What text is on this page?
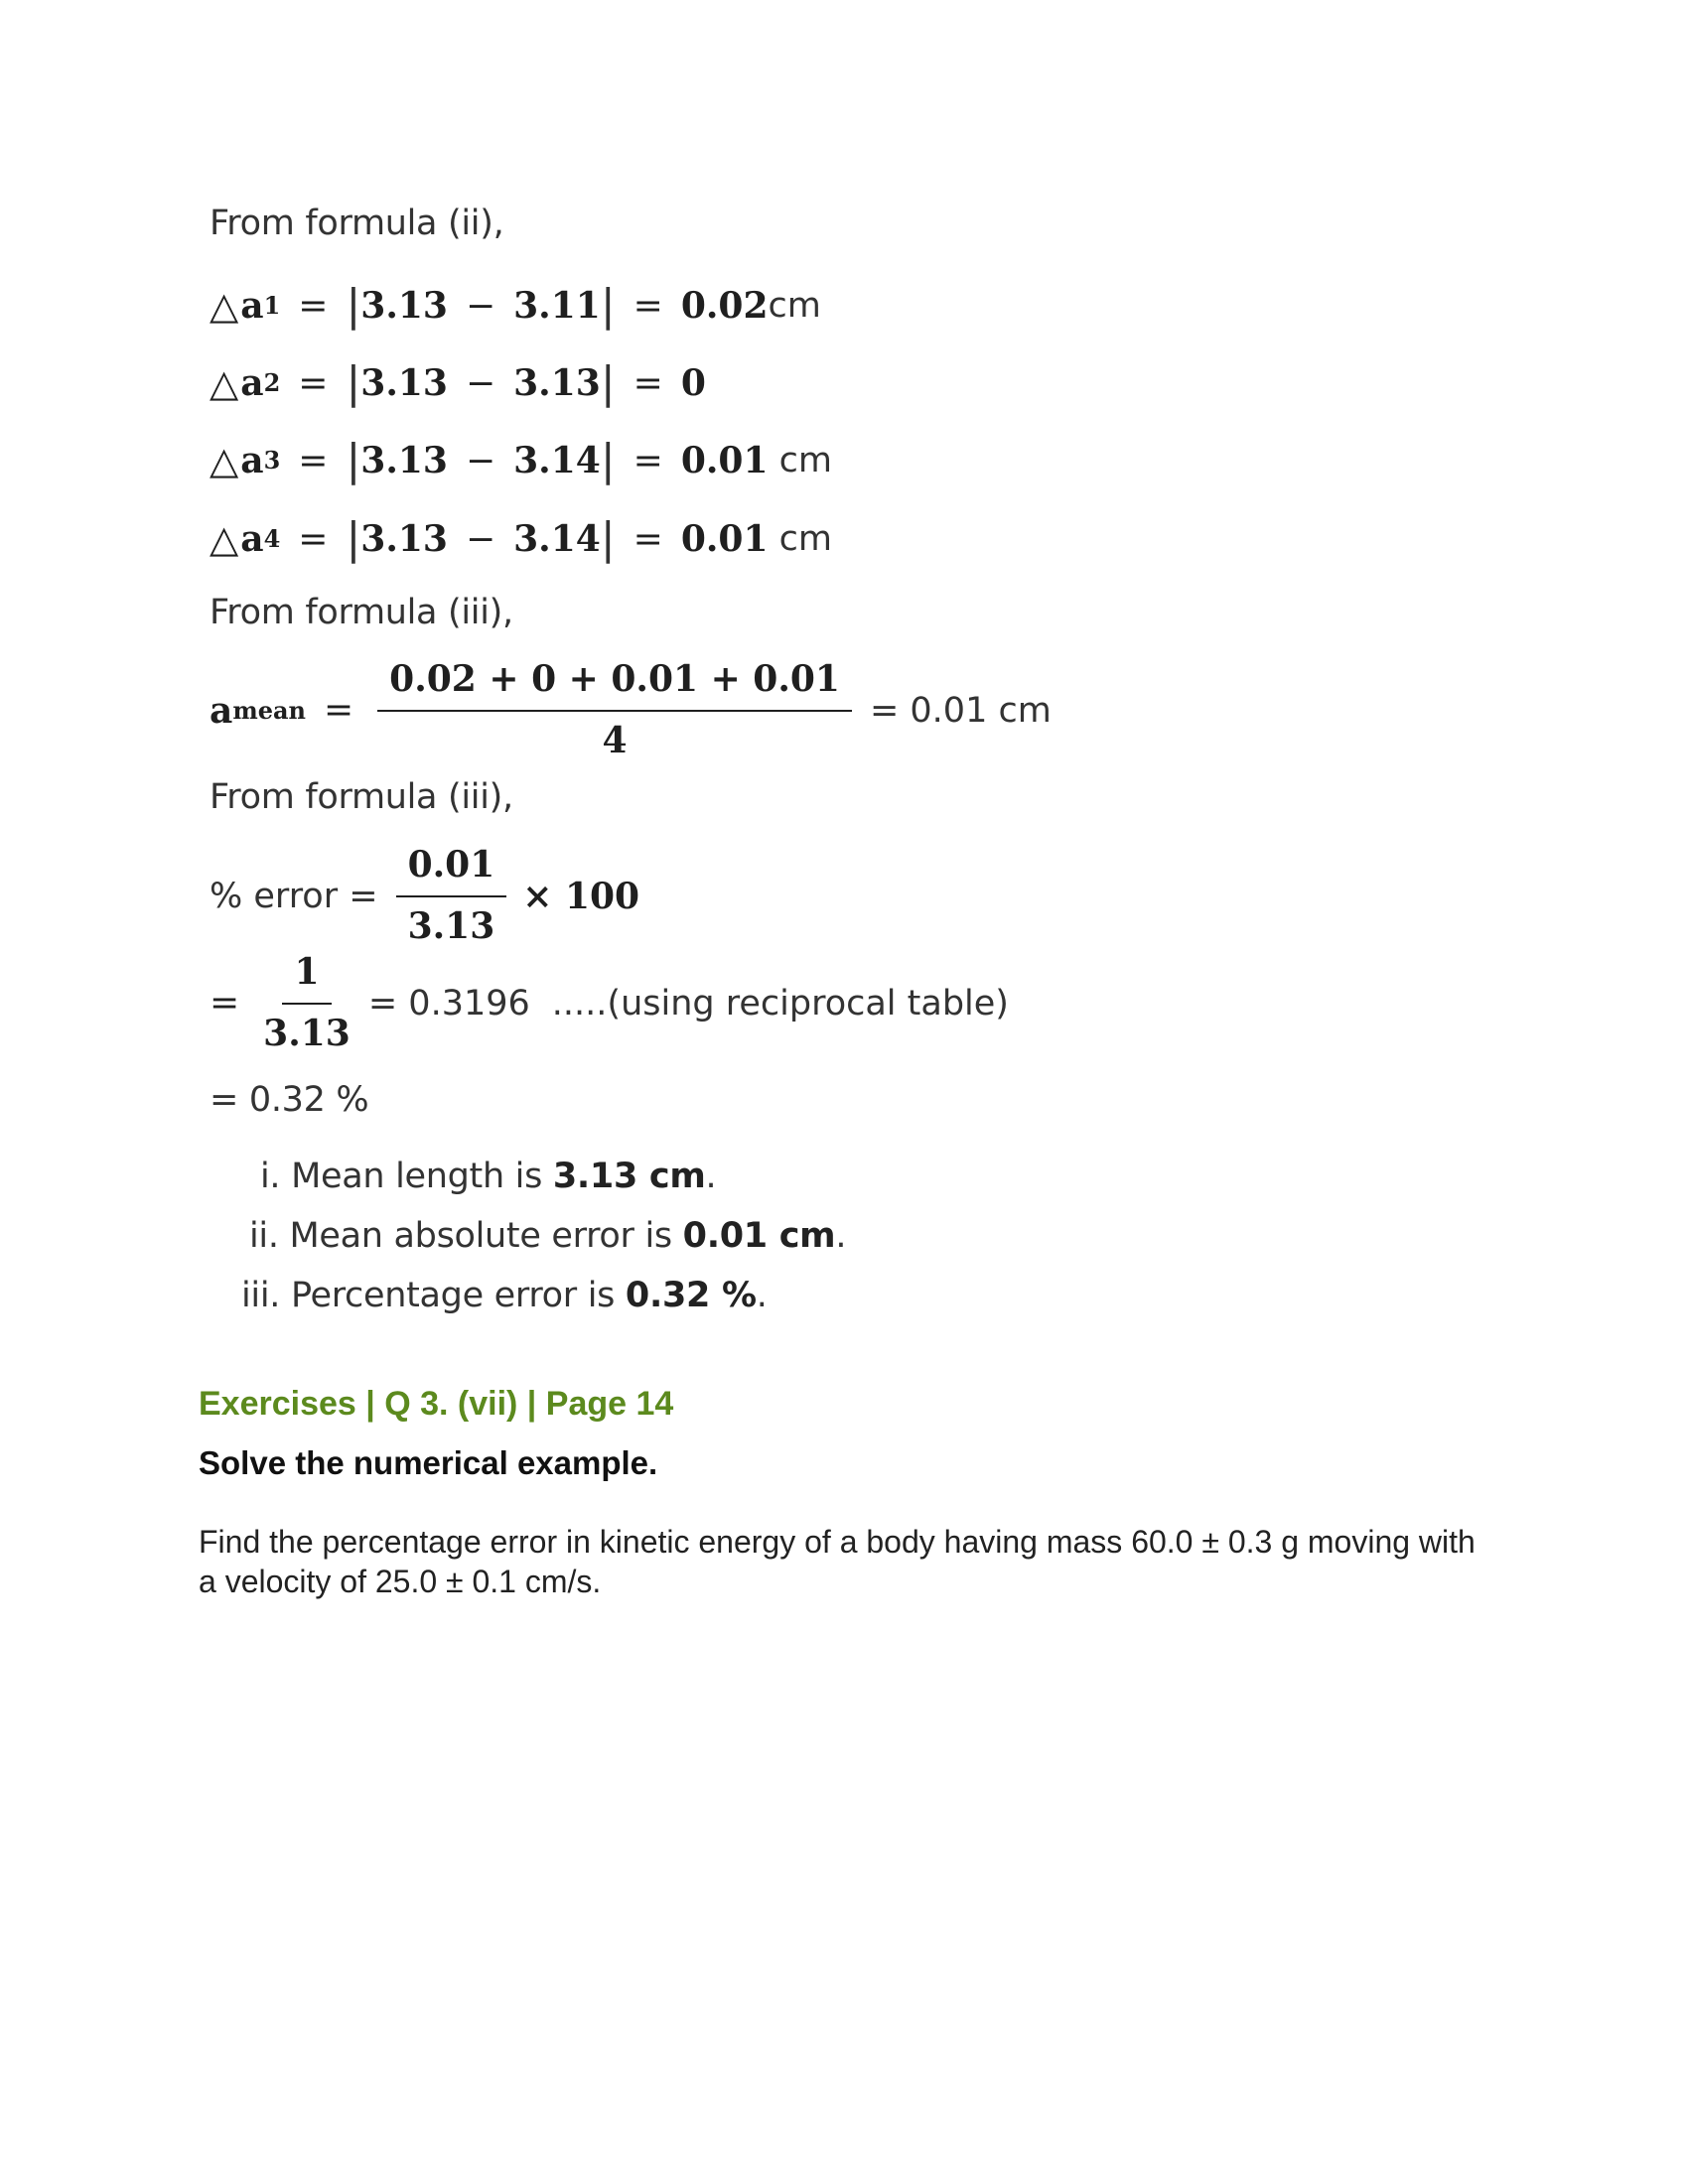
From formula (ii),
△ a 1 = | 3.13 − 3.11 | = 0.02 cm
△ a 2 = | 3.13 − 3.13 | = 0
△ a 3 = | 3.13 − 3.14 | = 0.01 cm
△ a 4 = | 3.13 − 3.14 | = 0.01 cm
From formula (iii),
a mean = $\frac{0.02 + 0 + 0.01 + 0.01}{4} = 0.01$ cm
From formula (iii),
% error = $\frac{0.01}{3.13} \times 100$
= $\frac{1}{3.13} = 0.3196$ .....(using reciprocal table)
= 0.32 %
i. Mean length is 3.13 cm.
ii. Mean absolute error is 0.01 cm.
iii. Percentage error is 0.32 %.
Exercises | Q 3. (vii) | Page 14
Solve the numerical example.
Find the percentage error in kinetic energy of a body having mass 60.0 ± 0.3 g moving with a velocity of 25.0 ± 0.1 cm/s.
